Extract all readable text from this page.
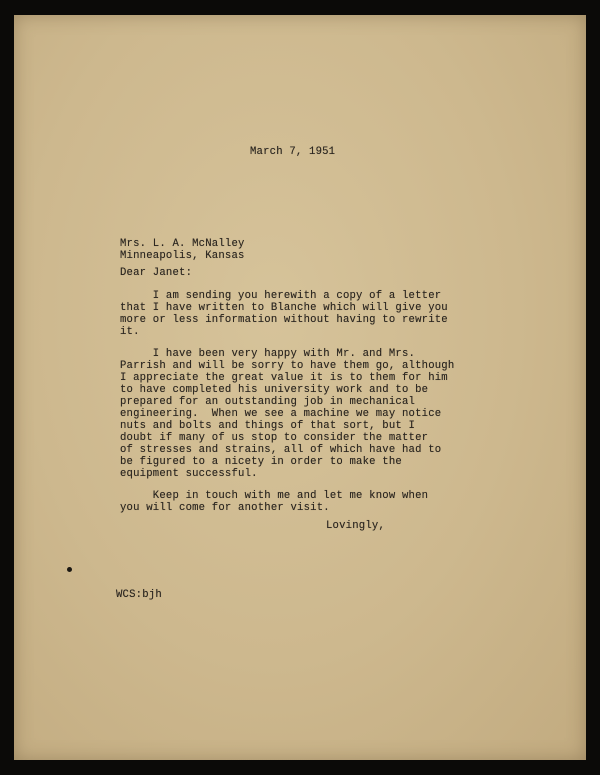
March 7, 1951
Mrs. L. A. McNalley
Minneapolis, Kansas
Dear Janet:
I am sending you herewith a copy of a letter
that I have written to Blanche which will give you
more or less information without having to rewrite
it.
I have been very happy with Mr. and Mrs.
Parrish and will be sorry to have them go, although
I appreciate the great value it is to them for him
to have completed his university work and to be
prepared for an outstanding job in mechanical
engineering.  When we see a machine we may notice
nuts and bolts and things of that sort, but I
doubt if many of us stop to consider the matter
of stresses and strains, all of which have had to
be figured to a nicety in order to make the
equipment successful.
Keep in touch with me and let me know when
you will come for another visit.
Lovingly,
WCS:bjh
